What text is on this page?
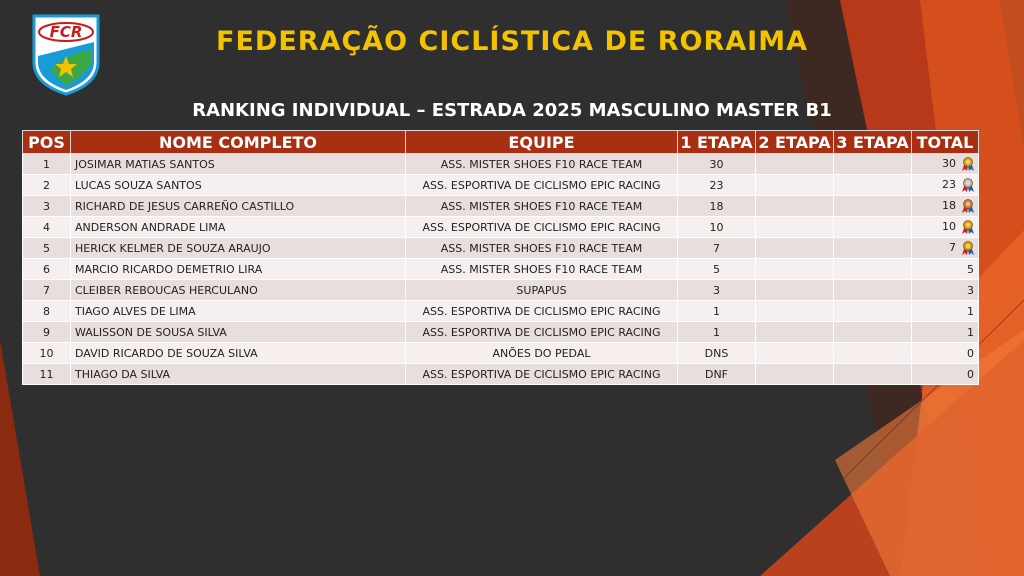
FCR	FEDERAÇÃO CICLÍSTICA DE RORAIMA
RANKING INDIVIDUAL – ESTRADA 2025 MASCULINO MASTER B1
POS	NOME COMPLETO	EQUIPE	1 ETAPA	2 ETAPA	3 ETAPA	TOTAL
1	JOSIMAR MATIAS SANTOS	ASS. MISTER SHOES F10 RACE TEAM	30			30
2	LUCAS SOUZA SANTOS	ASS. ESPORTIVA DE CICLISMO EPIC RACING	23			23
3	RICHARD DE JESUS CARREÑO CASTILLO	ASS. MISTER SHOES F10 RACE TEAM	18			18
4	ANDERSON ANDRADE LIMA	ASS. ESPORTIVA DE CICLISMO EPIC RACING	10			10
5	HERICK KELMER DE SOUZA ARAUJO	ASS. MISTER SHOES F10 RACE TEAM	7			7
6	MARCIO RICARDO DEMETRIO LIRA	ASS. MISTER SHOES F10 RACE TEAM	5			5
7	CLEIBER REBOUCAS HERCULANO	SUPAPUS	3			3
8	TIAGO ALVES DE LIMA	ASS. ESPORTIVA DE CICLISMO EPIC RACING	1			1
9	WALISSON DE SOUSA SILVA	ASS. ESPORTIVA DE CICLISMO EPIC RACING	1			1
10	DAVID RICARDO DE SOUZA SILVA	ANÕES DO PEDAL	DNS			0
11	THIAGO DA SILVA	ASS. ESPORTIVA DE CICLISMO EPIC RACING	DNF			0
